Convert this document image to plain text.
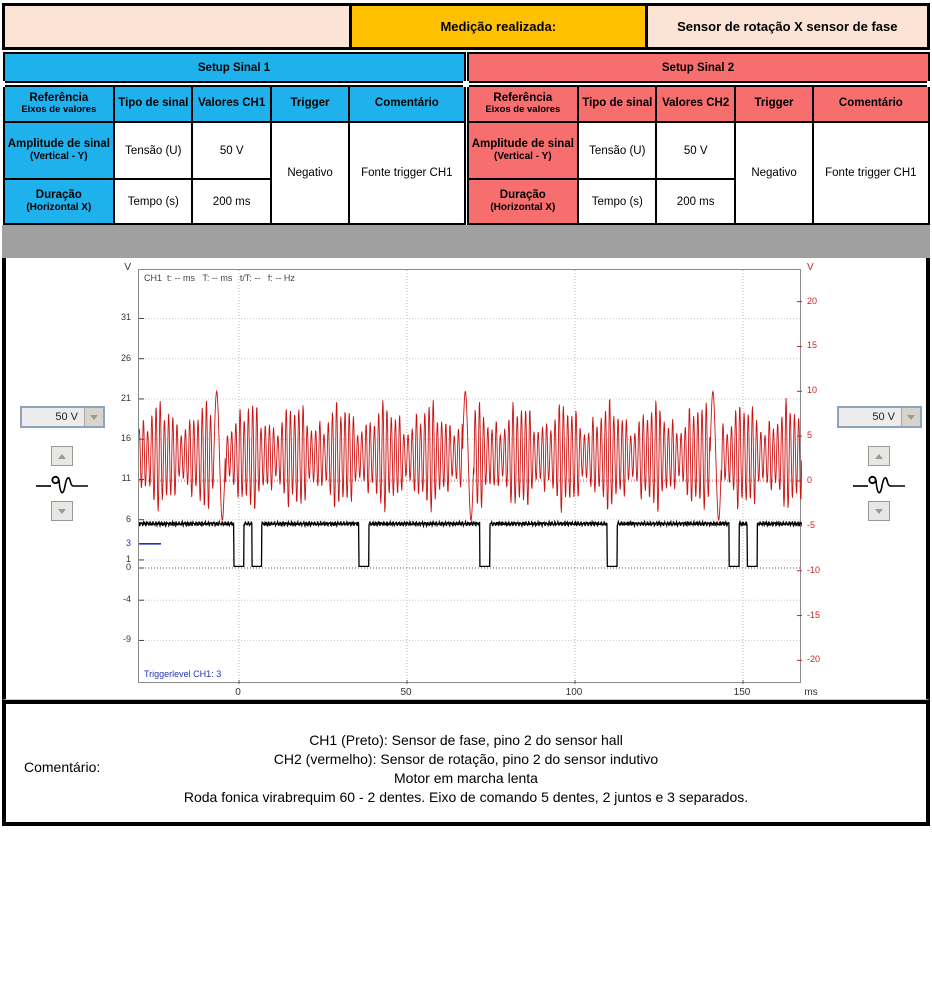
Medição realizada:	Sensor de rotação X sensor de fase
Setup Sinal 1				

Referência
Eixos de valores	Tipo de sinal	Valores CH1	Trigger	Comentário
Amplitude de sinal
(Vertical - Y)	Tensão (U)	50 V	Negativo	Fonte trigger CH1
Duração
(Horizontal X)	Tempo (s)	200 ms		
Setup Sinal 2				

Referência
Eixos de valores	Tipo de sinal	Valores CH2	Trigger	Comentário
Amplitude de sinal
(Vertical - Y)	Tensão (U)	50 V	Negativo	Fonte trigger CH1
Duração
(Horizontal X)	Tempo (s)	200 ms		
V	V
CH1  t: -- ms   T: -- ms   t/T: --   f: -- Hz
Triggerlevel CH1: 3
50 V	50 V
31
26
21
16
11
6
1
0
-4
-9
3
20
15
10
5
0
-5
-10
-15
-20
0	50	100	150	ms
Comentário:
CH1 (Preto): Sensor de fase, pino 2 do sensor hall
CH2 (vermelho): Sensor de rotação, pino 2 do sensor indutivo
Motor em marcha lenta
Roda fonica virabrequim 60 - 2 dentes. Eixo de comando 5 dentes, 2 juntos e 3 separados.
